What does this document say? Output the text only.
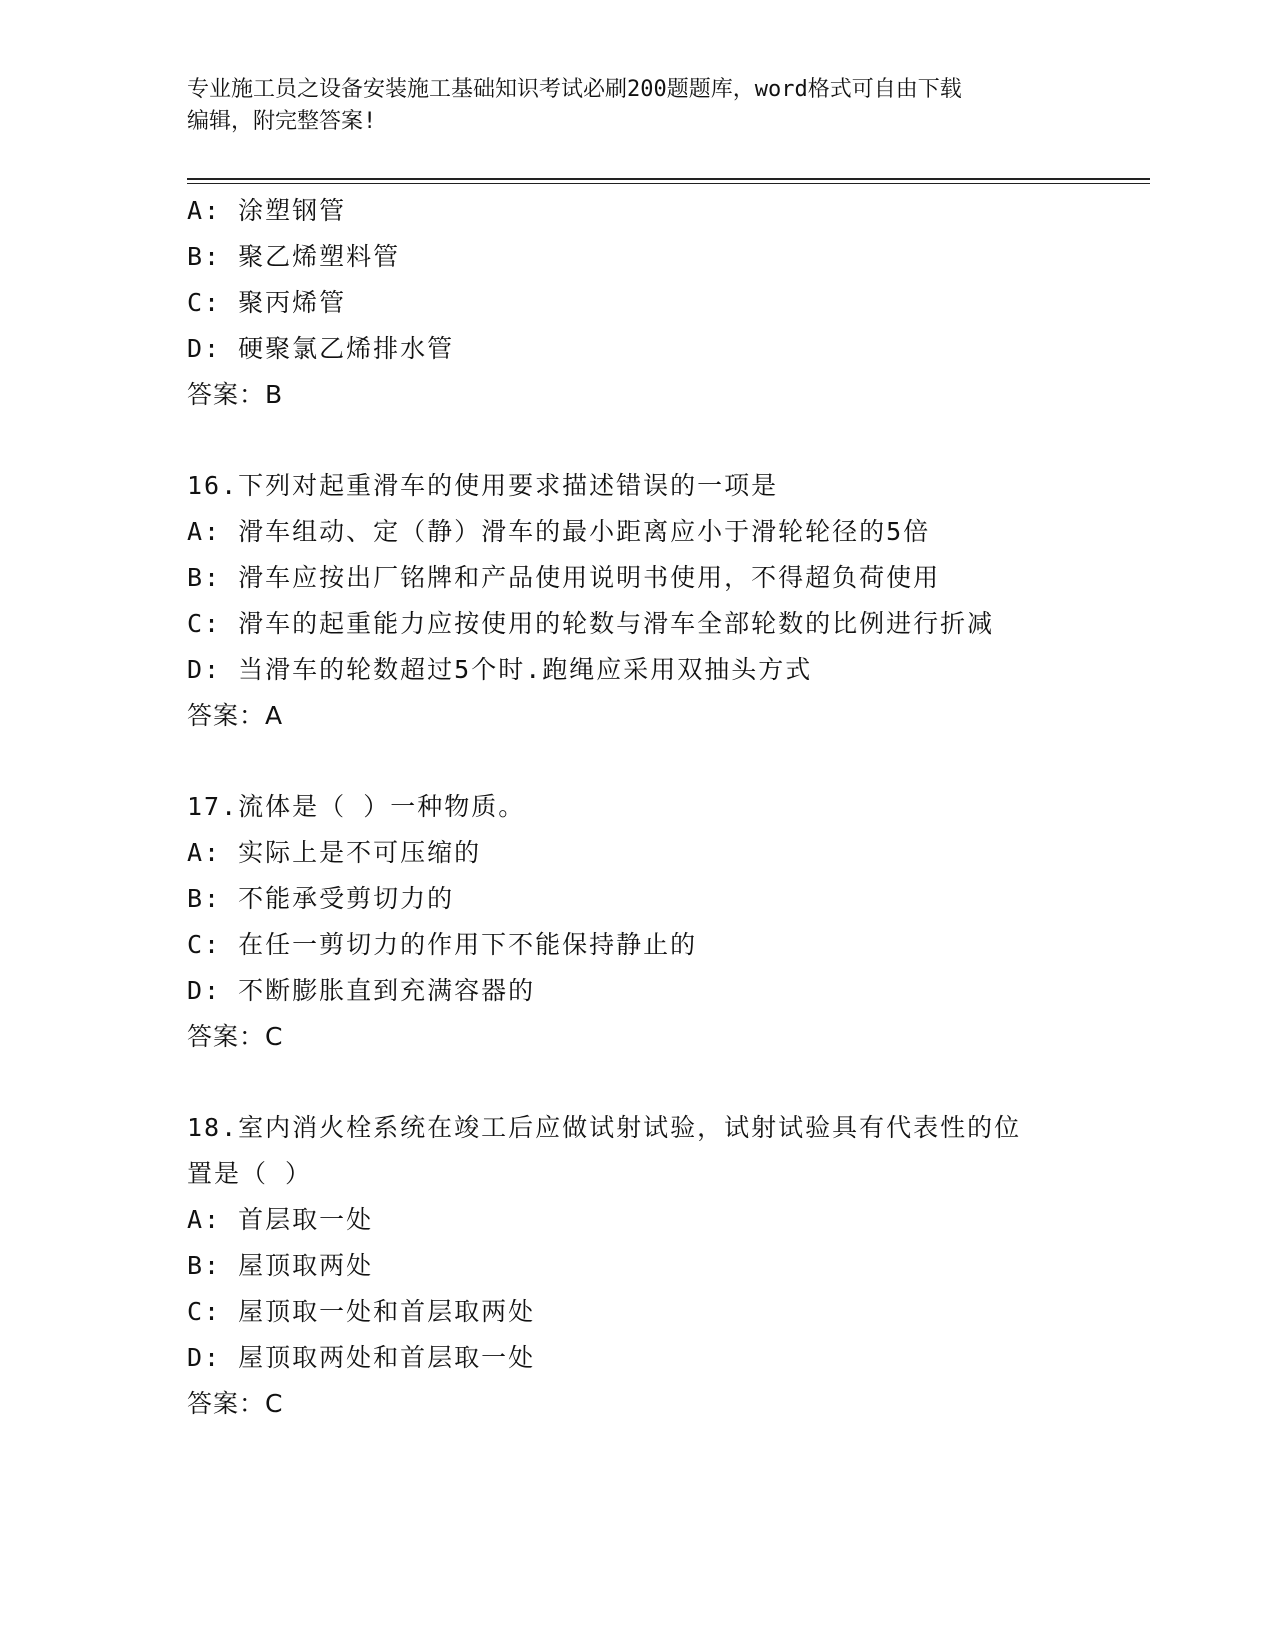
专业施工员之设备安装施工基础知识考试必刷200题题库，word格式可自由下载
编辑，附完整答案!
A: 涂塑钢管
B: 聚乙烯塑料管
C: 聚丙烯管
D: 硬聚氯乙烯排水管
答案：B
16.下列对起重滑车的使用要求描述错误的一项是
A: 滑车组动、定（静）滑车的最小距离应小于滑轮轮径的5倍
B: 滑车应按出厂铭牌和产品使用说明书使用，不得超负荷使用
C: 滑车的起重能力应按使用的轮数与滑车全部轮数的比例进行折减
D: 当滑车的轮数超过5个时.跑绳应采用双抽头方式
答案：A
17.流体是（ ）一种物质。
A: 实际上是不可压缩的
B: 不能承受剪切力的
C: 在任一剪切力的作用下不能保持静止的
D: 不断膨胀直到充满容器的
答案：C
18.室内消火栓系统在竣工后应做试射试验，试射试验具有代表性的位
置是（ ）
A: 首层取一处
B: 屋顶取两处
C: 屋顶取一处和首层取两处
D: 屋顶取两处和首层取一处
答案：C
